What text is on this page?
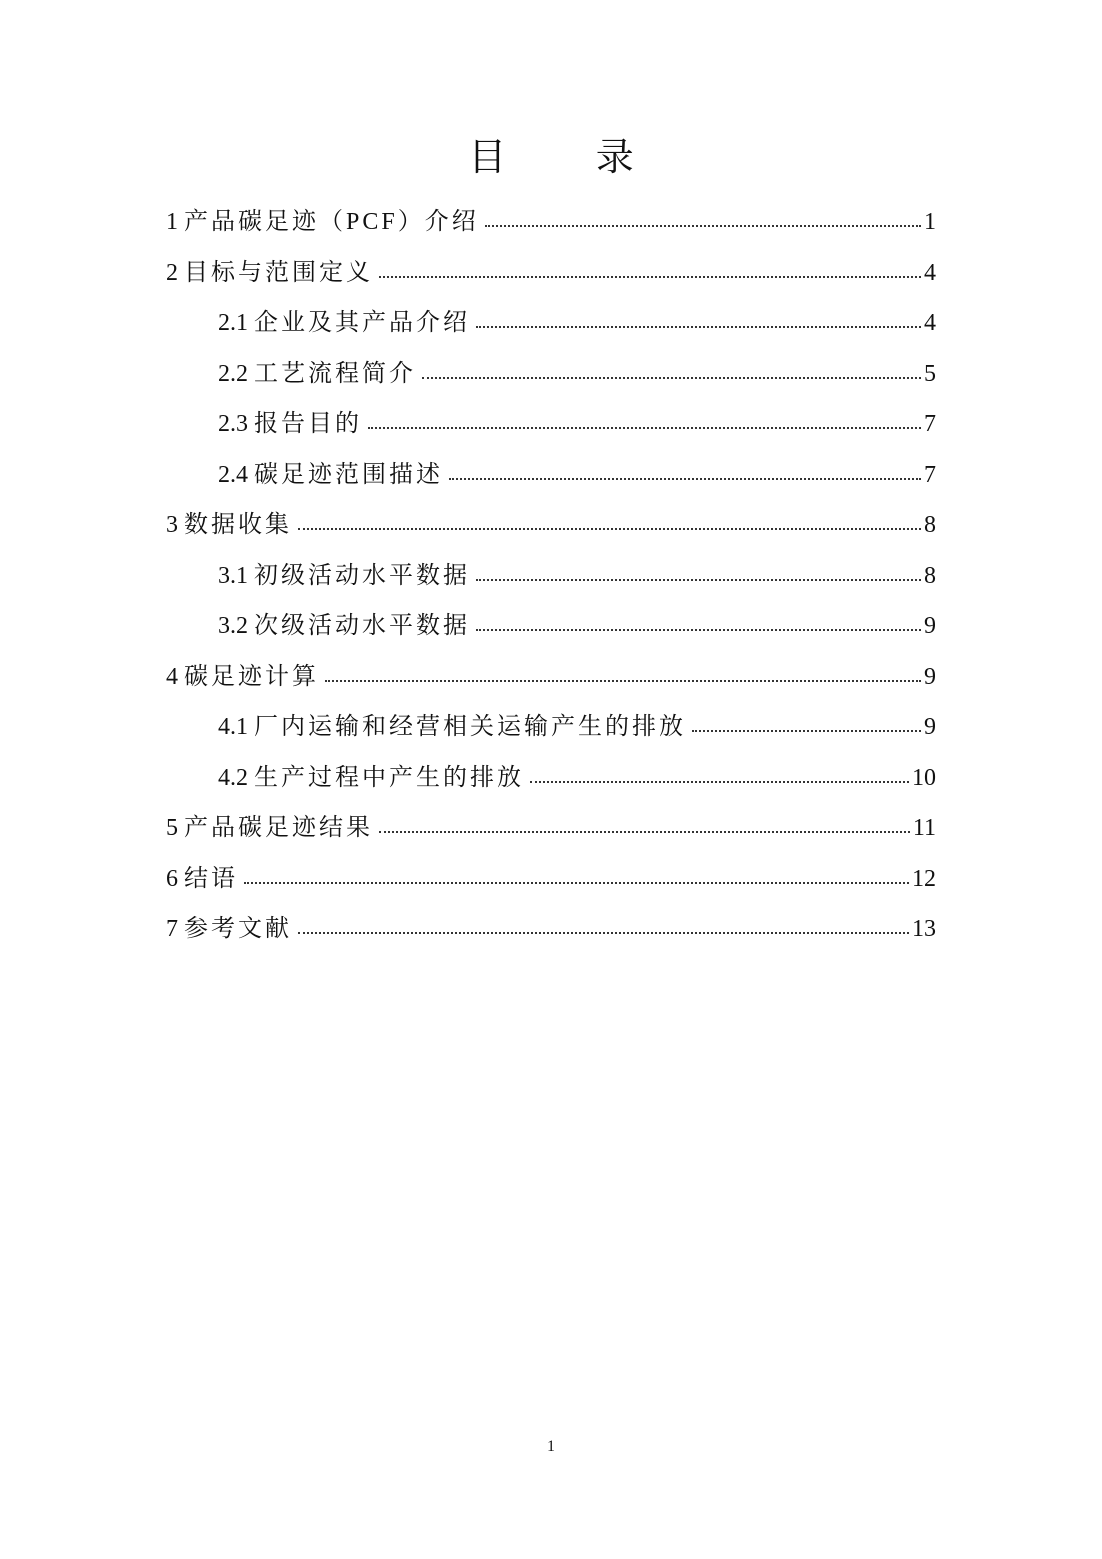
目 录
1 产品碳足迹（PCF）介绍	1
2 目标与范围定义	4
2.1 企业及其产品介绍	4
2.2 工艺流程简介	5
2.3 报告目的	7
2.4 碳足迹范围描述	7
3 数据收集	8
3.1 初级活动水平数据	8
3.2 次级活动水平数据	9
4 碳足迹计算	9
4.1 厂内运输和经营相关运输产生的排放	9
4.2 生产过程中产生的排放	10
5 产品碳足迹结果	11
6 结语	12
7 参考文献	13
1
